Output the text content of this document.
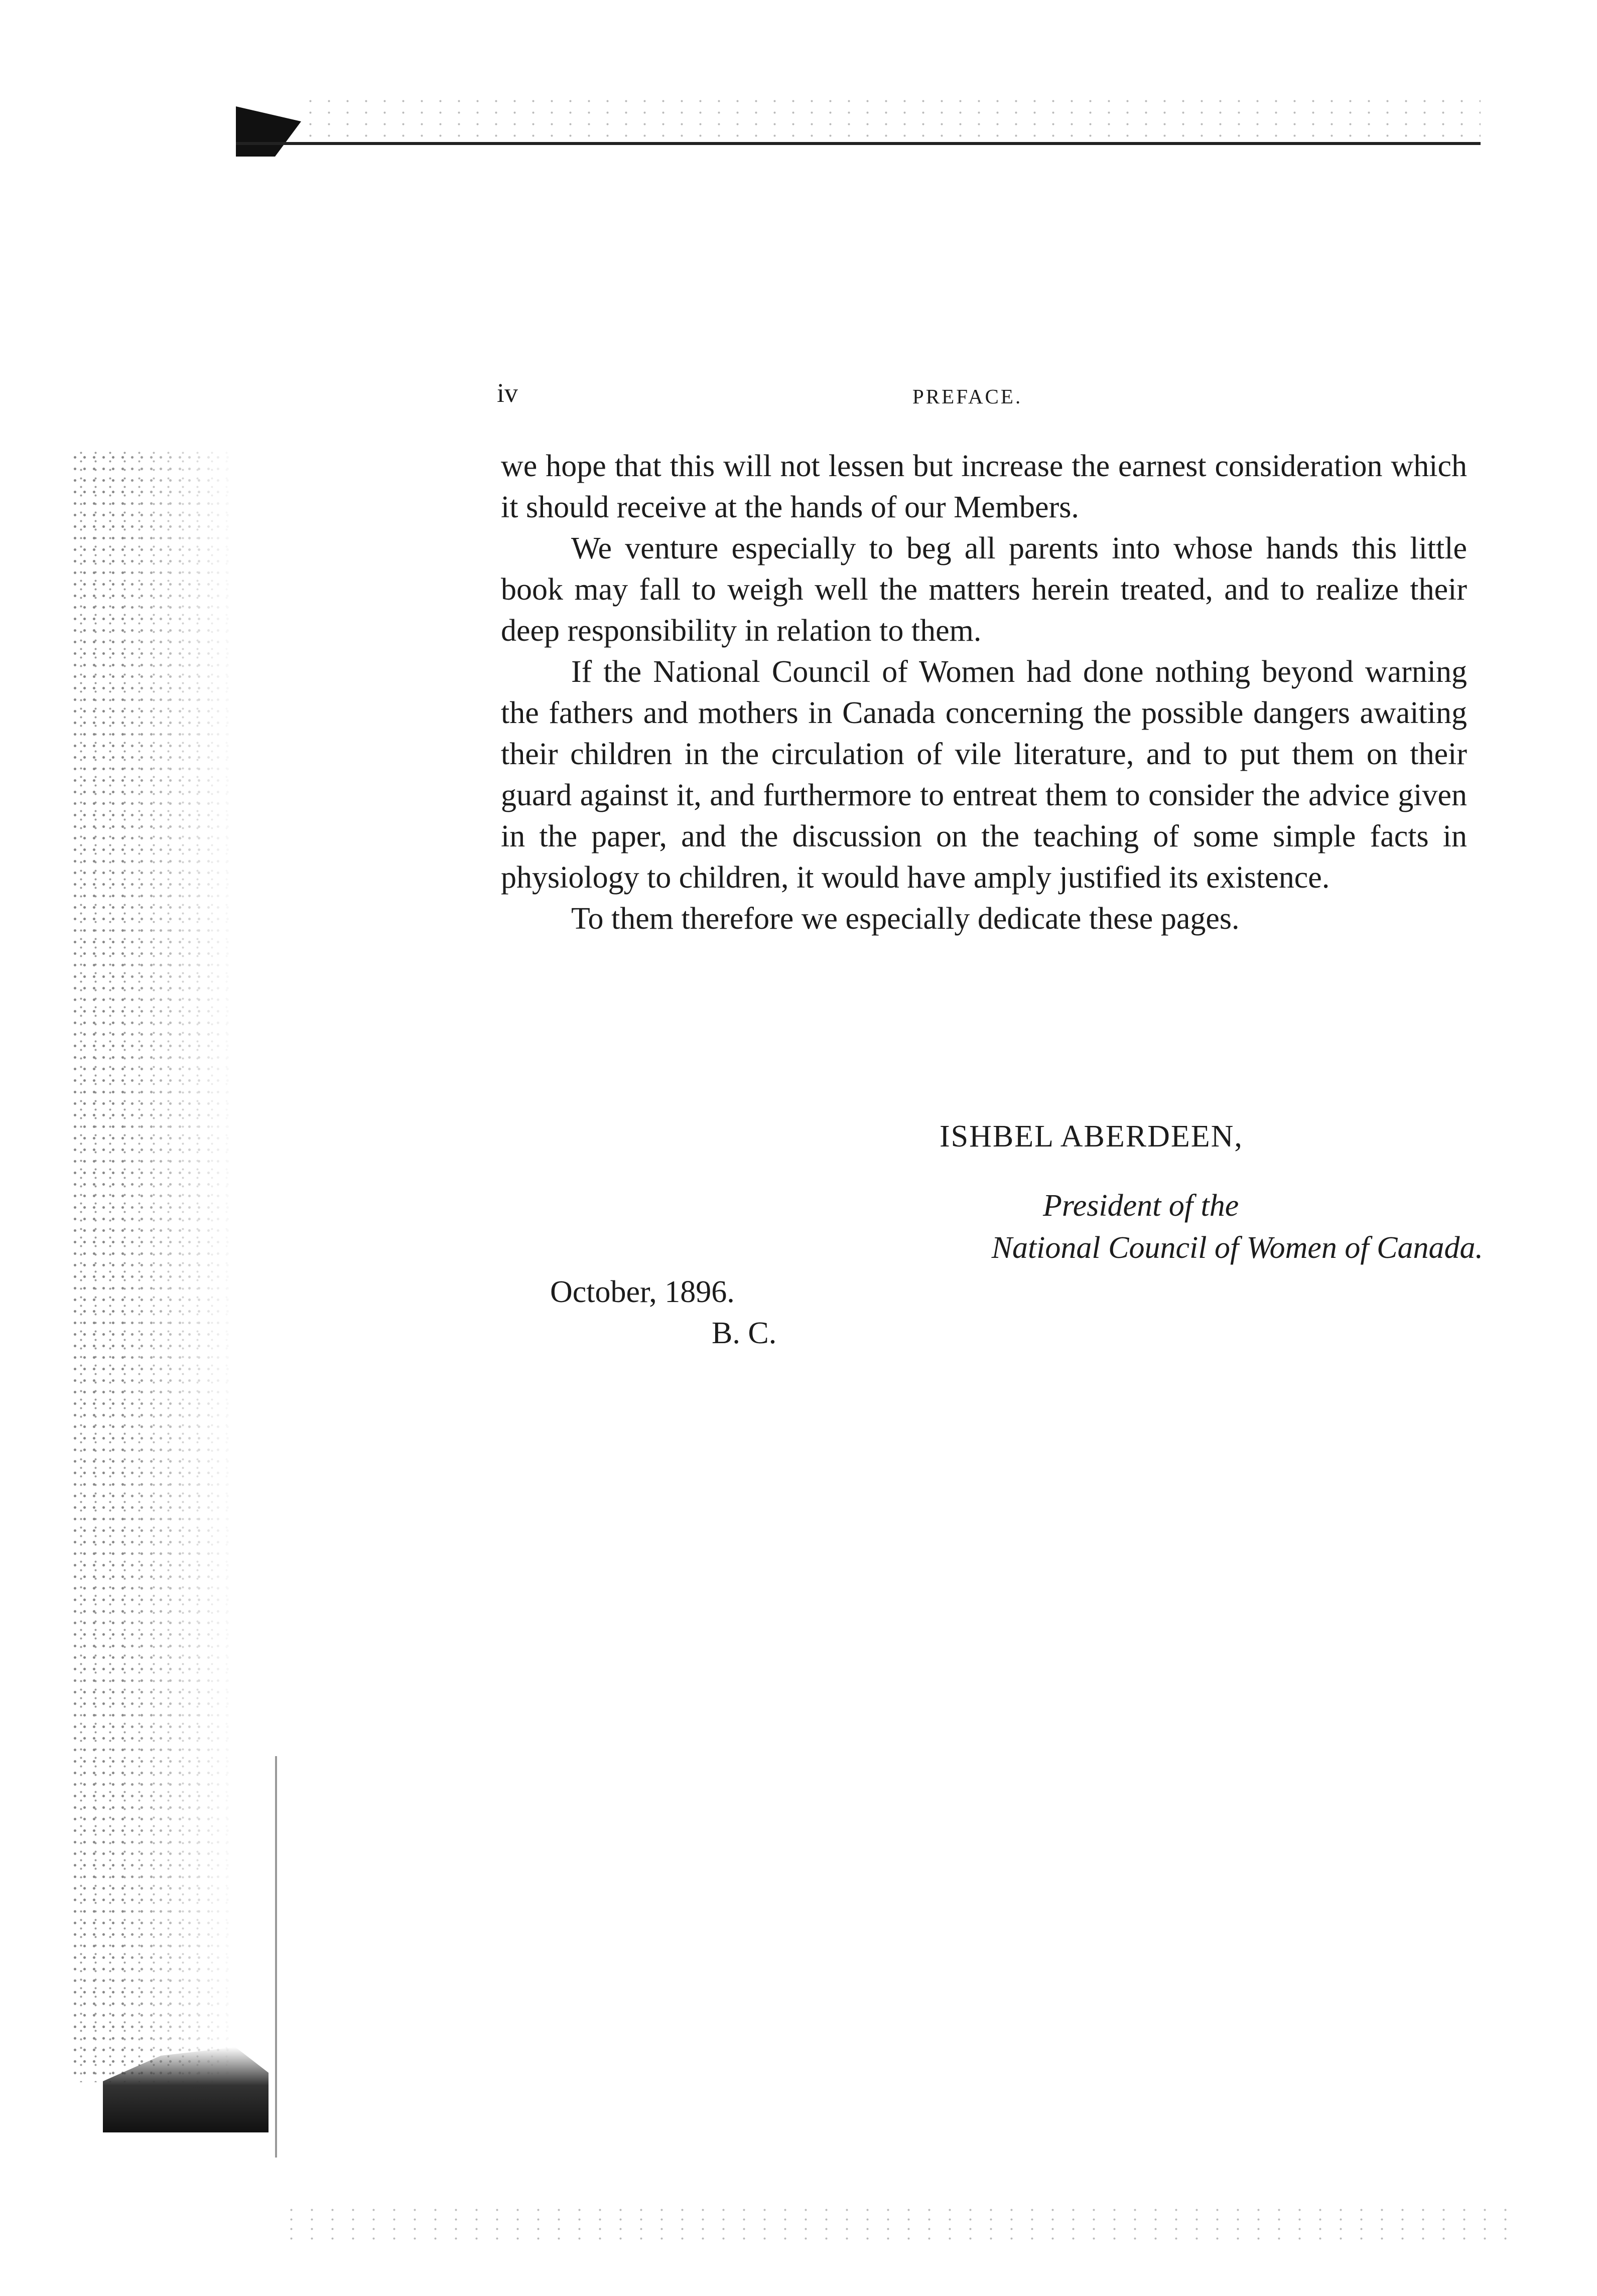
iv	PREFACE.

we hope that this will not lessen but increase the earnest consideration which it should receive at the hands of our Members.

We venture especially to beg all parents into whose hands this little book may fall to weigh well the matters herein treated, and to realize their deep responsibility in relation to them.

If the National Council of Women had done nothing beyond warning the fathers and mothers in Canada concerning the possible dangers awaiting their children in the circulation of vile literature, and to put them on their guard against it, and furthermore to entreat them to consider the advice given in the paper, and the discussion on the teaching of some simple facts in physiology to children, it would have amply justified its existence.

To them therefore we especially dedicate these pages.

ISHBEL ABERDEEN,
President of the
National Council of Women of Canada.
October, 1896.
B. C.
